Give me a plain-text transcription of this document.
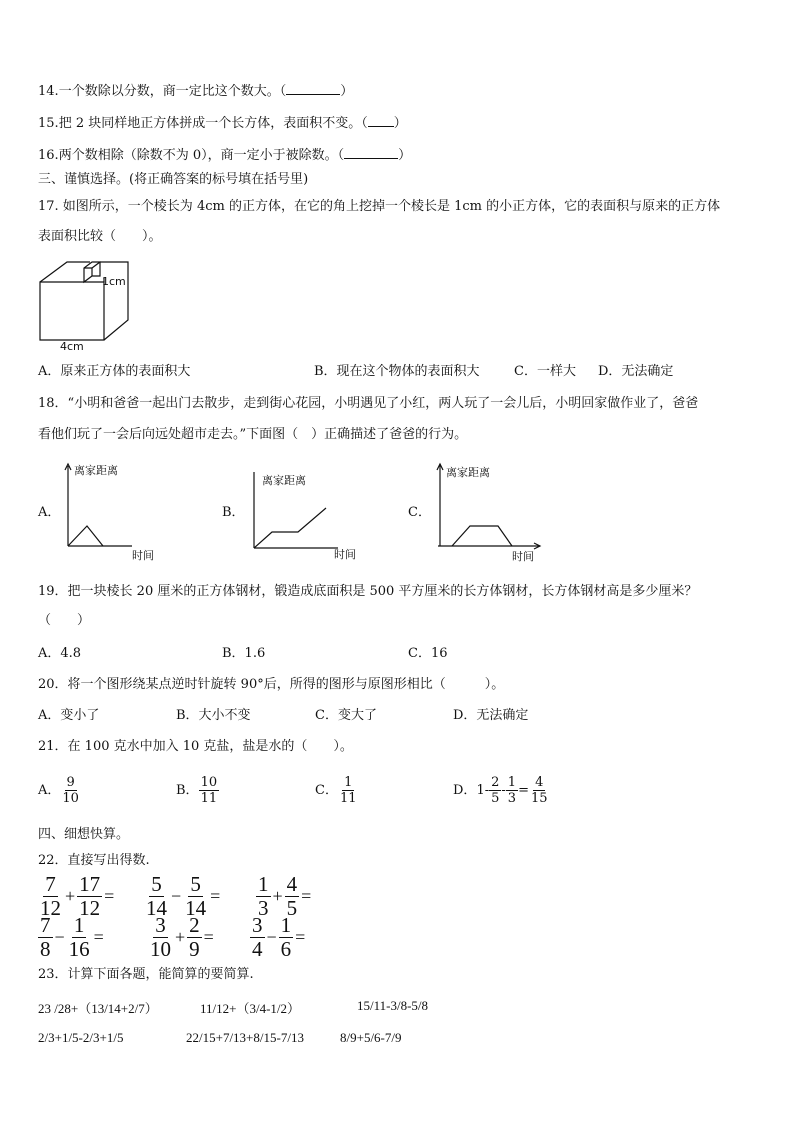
14.一个数除以分数，商一定比这个数大。（	）
15.把 2 块同样地正方体拼成一个长方体，表面积不变。（ ）
16.两个数相除（除数不为 0），商一定小于被除数。（	）
三、谨慎选择。(将正确答案的标号填在括号里)
17. 如图所示，一个棱长为 4cm 的正方体，在它的角上挖掉一个棱长是 1cm 的小正方体，它的表面积与原来的正方体
表面积比较（　　）。
1cm
4cm
A．原来正方体的表面积大	B．现在这个物体的表面积大	C．一样大 D．无法确定
18．“小明和爸爸一起出门去散步，走到街心花园，小明遇见了小红，两人玩了一会儿后，小明回家做作业了，爸爸
看他们玩了一会后向远处超市走去。”下面图（　）正确描述了爸爸的行为。
A．
离家距离
时间
B．
离家距离
时间
C．
离家距离
时间
19．把一块棱长 20 厘米的正方体钢材，锻造成底面积是 500 平方厘米的长方体钢材，长方体钢材高是多少厘米？
（　　）
A．4.8	B．1.6	C．16
20．将一个图形绕某点逆时针旋转 90°后，所得的图形与原图形相比（　　　）。
A．变小了	B．大小不变	C．变大了	D．无法确定
21．在 100 克水中加入 10 克盐，盐是水的（　　）。
A． $\frac{9}{10}$	B． $\frac{10}{11}$	C． $\frac{1}{11}$	D． $1- \frac{2}{5} - \frac{1}{3} = \frac{4}{15}$
四、细想快算。
22．直接写出得数.
$\frac{7}{12} + \frac{17}{12} = \frac{5}{14} - \frac{5}{14} = \frac{1}{3} + \frac{4}{5}$ =
$\frac{7}{8} - \frac{1}{16} = \frac{3}{10} + \frac{2}{9} = \frac{3}{4} - \frac{1}{6}$ =
23．计算下面各题，能简算的要简算.
23 /28+（13/14+2/7）	11/12+（3/4-1/2）	15/11-3/8-5/8
2/3+1/5-2/3+1/5	22/15+7/13+8/15-7/13	8/9+5/6-7/9
